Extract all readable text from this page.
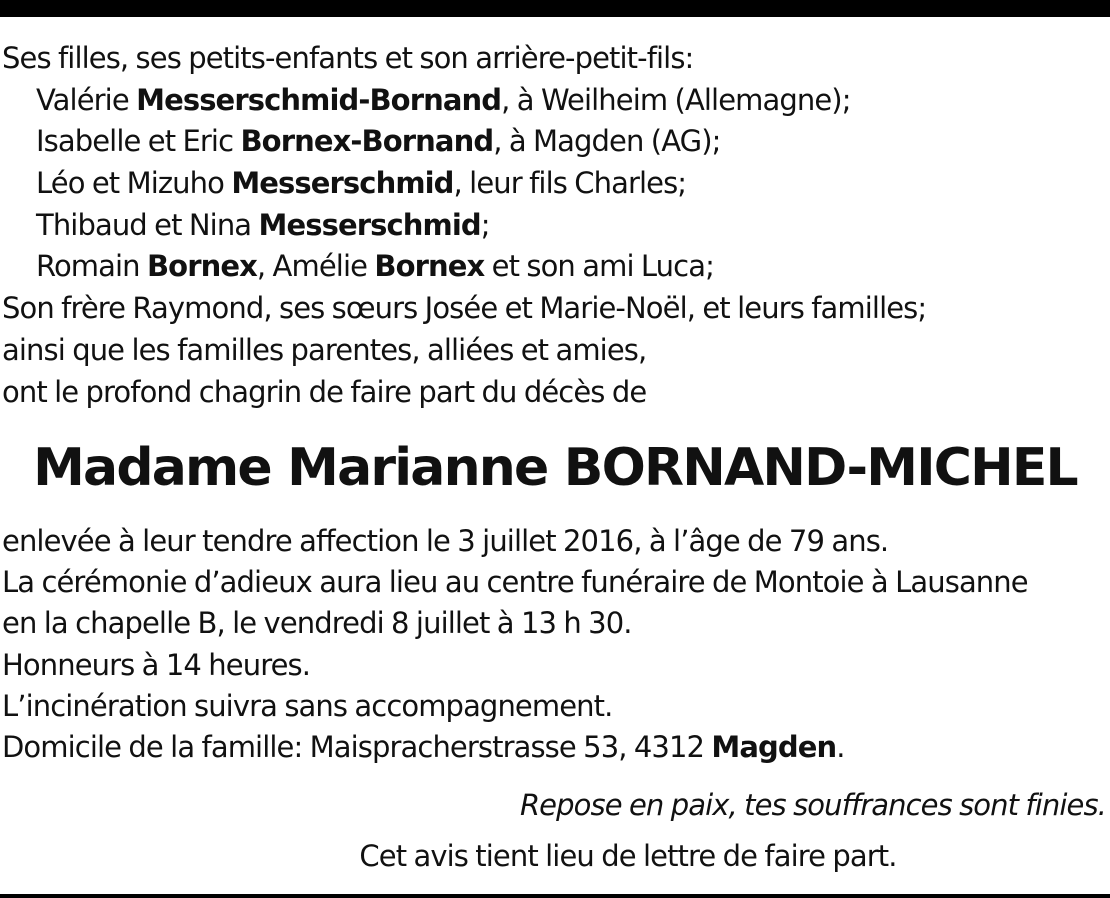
Ses filles, ses petits-enfants et son arrière-petit-fils:
Valérie Messerschmid-Bornand, à Weilheim (Allemagne);
Isabelle et Eric Bornex-Bornand, à Magden (AG);
Léo et Mizuho Messerschmid, leur fils Charles;
Thibaud et Nina Messerschmid;
Romain Bornex, Amélie Bornex et son ami Luca;
Son frère Raymond, ses sœurs Josée et Marie-Noël, et leurs familles;
ainsi que les familles parentes, alliées et amies,
ont le profond chagrin de faire part du décès de
Madame Marianne BORNAND-MICHEL
enlevée à leur tendre affection le 3 juillet 2016, à l’âge de 79 ans.
La cérémonie d’adieux aura lieu au centre funéraire de Montoie à Lausanne
en la chapelle B, le vendredi 8 juillet à 13 h 30.
Honneurs à 14 heures.
L’incinération suivra sans accompagnement.
Domicile de la famille: Maispracherstrasse 53, 4312 Magden.
Repose en paix, tes souffrances sont finies.
Cet avis tient lieu de lettre de faire part.
